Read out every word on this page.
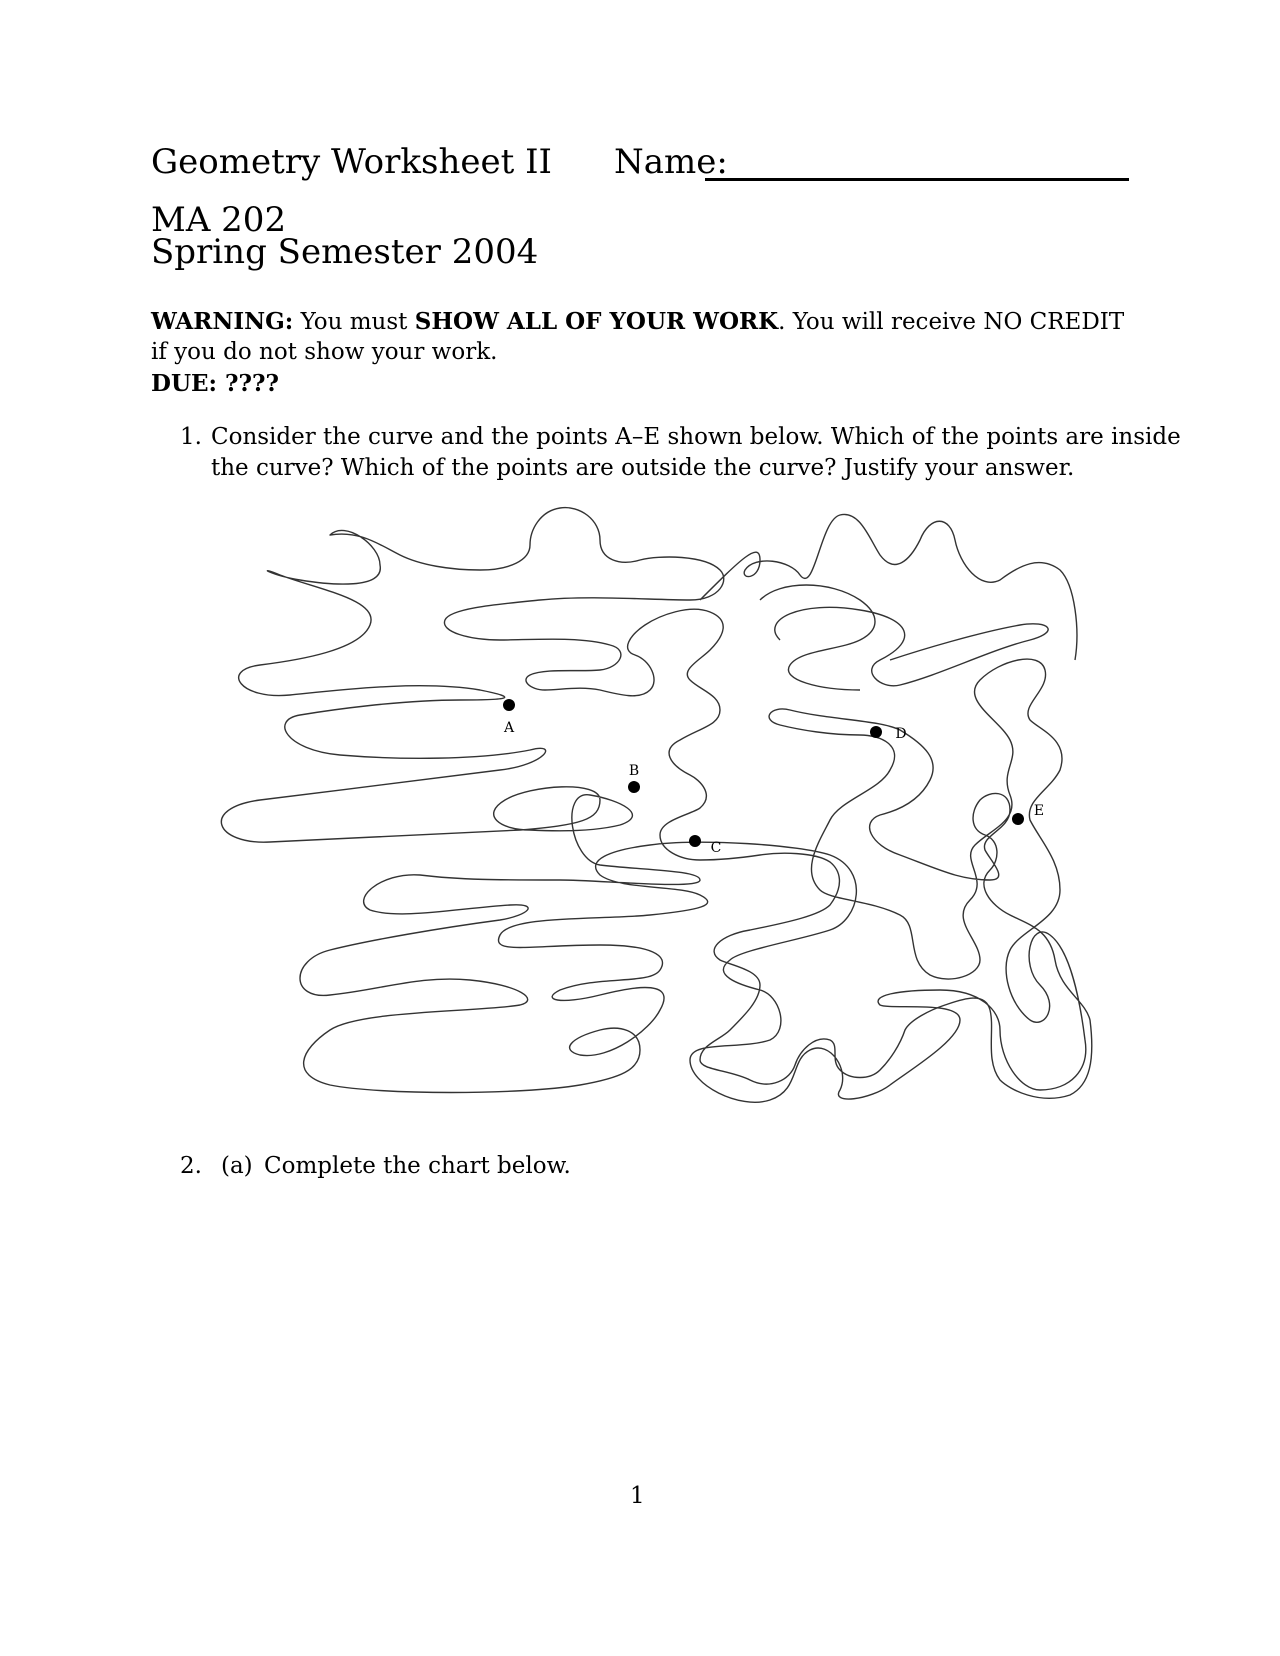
Geometry Worksheet II Name:
MA 202
Spring Semester 2004
WARNING: You must SHOW ALL OF YOUR WORK. You will receive NO CREDIT
if you do not show your work.
DUE: ????
1. Consider the curve and the points A–E shown below. Which of the points are inside
the curve? Which of the points are outside the curve? Justify your answer.
A
B
C
D
E
2. (a) Complete the chart below.
1
